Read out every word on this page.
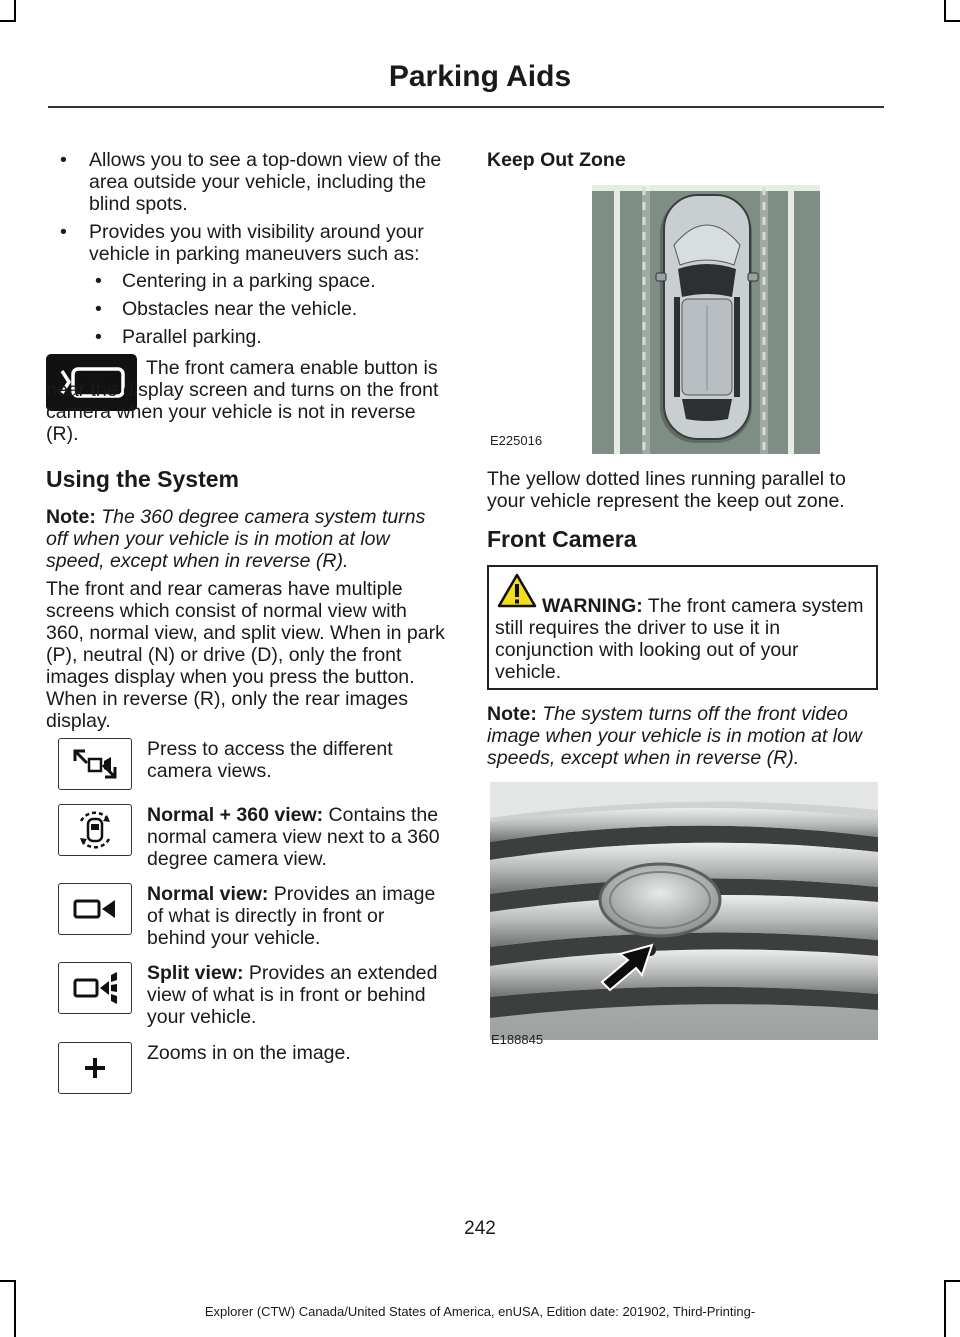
Parking Aids
•	Allows you to see a top-down view of the area outside your vehicle, including the blind spots.
•	Provides you with visibility around your vehicle in parking maneuvers such as:
• Centering in a parking space.
• Obstacles near the vehicle.
• Parallel parking.
The front camera enable button is near the display screen and turns on the front camera when your vehicle is not in reverse (R).
Using the System
Note: The 360 degree camera system turns off when your vehicle is in motion at low speed, except when in reverse (R).
The front and rear cameras have multiple screens which consist of normal view with 360, normal view, and split view. When in park (P), neutral (N) or drive (D), only the front images display when you press the button. When in reverse (R), only the rear images display.
Press to access the different camera views.
Normal + 360 view: Contains the normal camera view next to a 360 degree camera view.
Normal view: Provides an image of what is directly in front or behind your vehicle.
Split view: Provides an extended view of what is in front or behind your vehicle.
Zooms in on the image.
Keep Out Zone
E225016
The yellow dotted lines running parallel to your vehicle represent the keep out zone.
Front Camera
WARNING: The front camera system still requires the driver to use it in conjunction with looking out of your vehicle.
Note: The system turns off the front video image when your vehicle is in motion at low speeds, except when in reverse (R).
E188845
242
Explorer (CTW) Canada/United States of America, enUSA, Edition date: 201902, Third-Printing-
